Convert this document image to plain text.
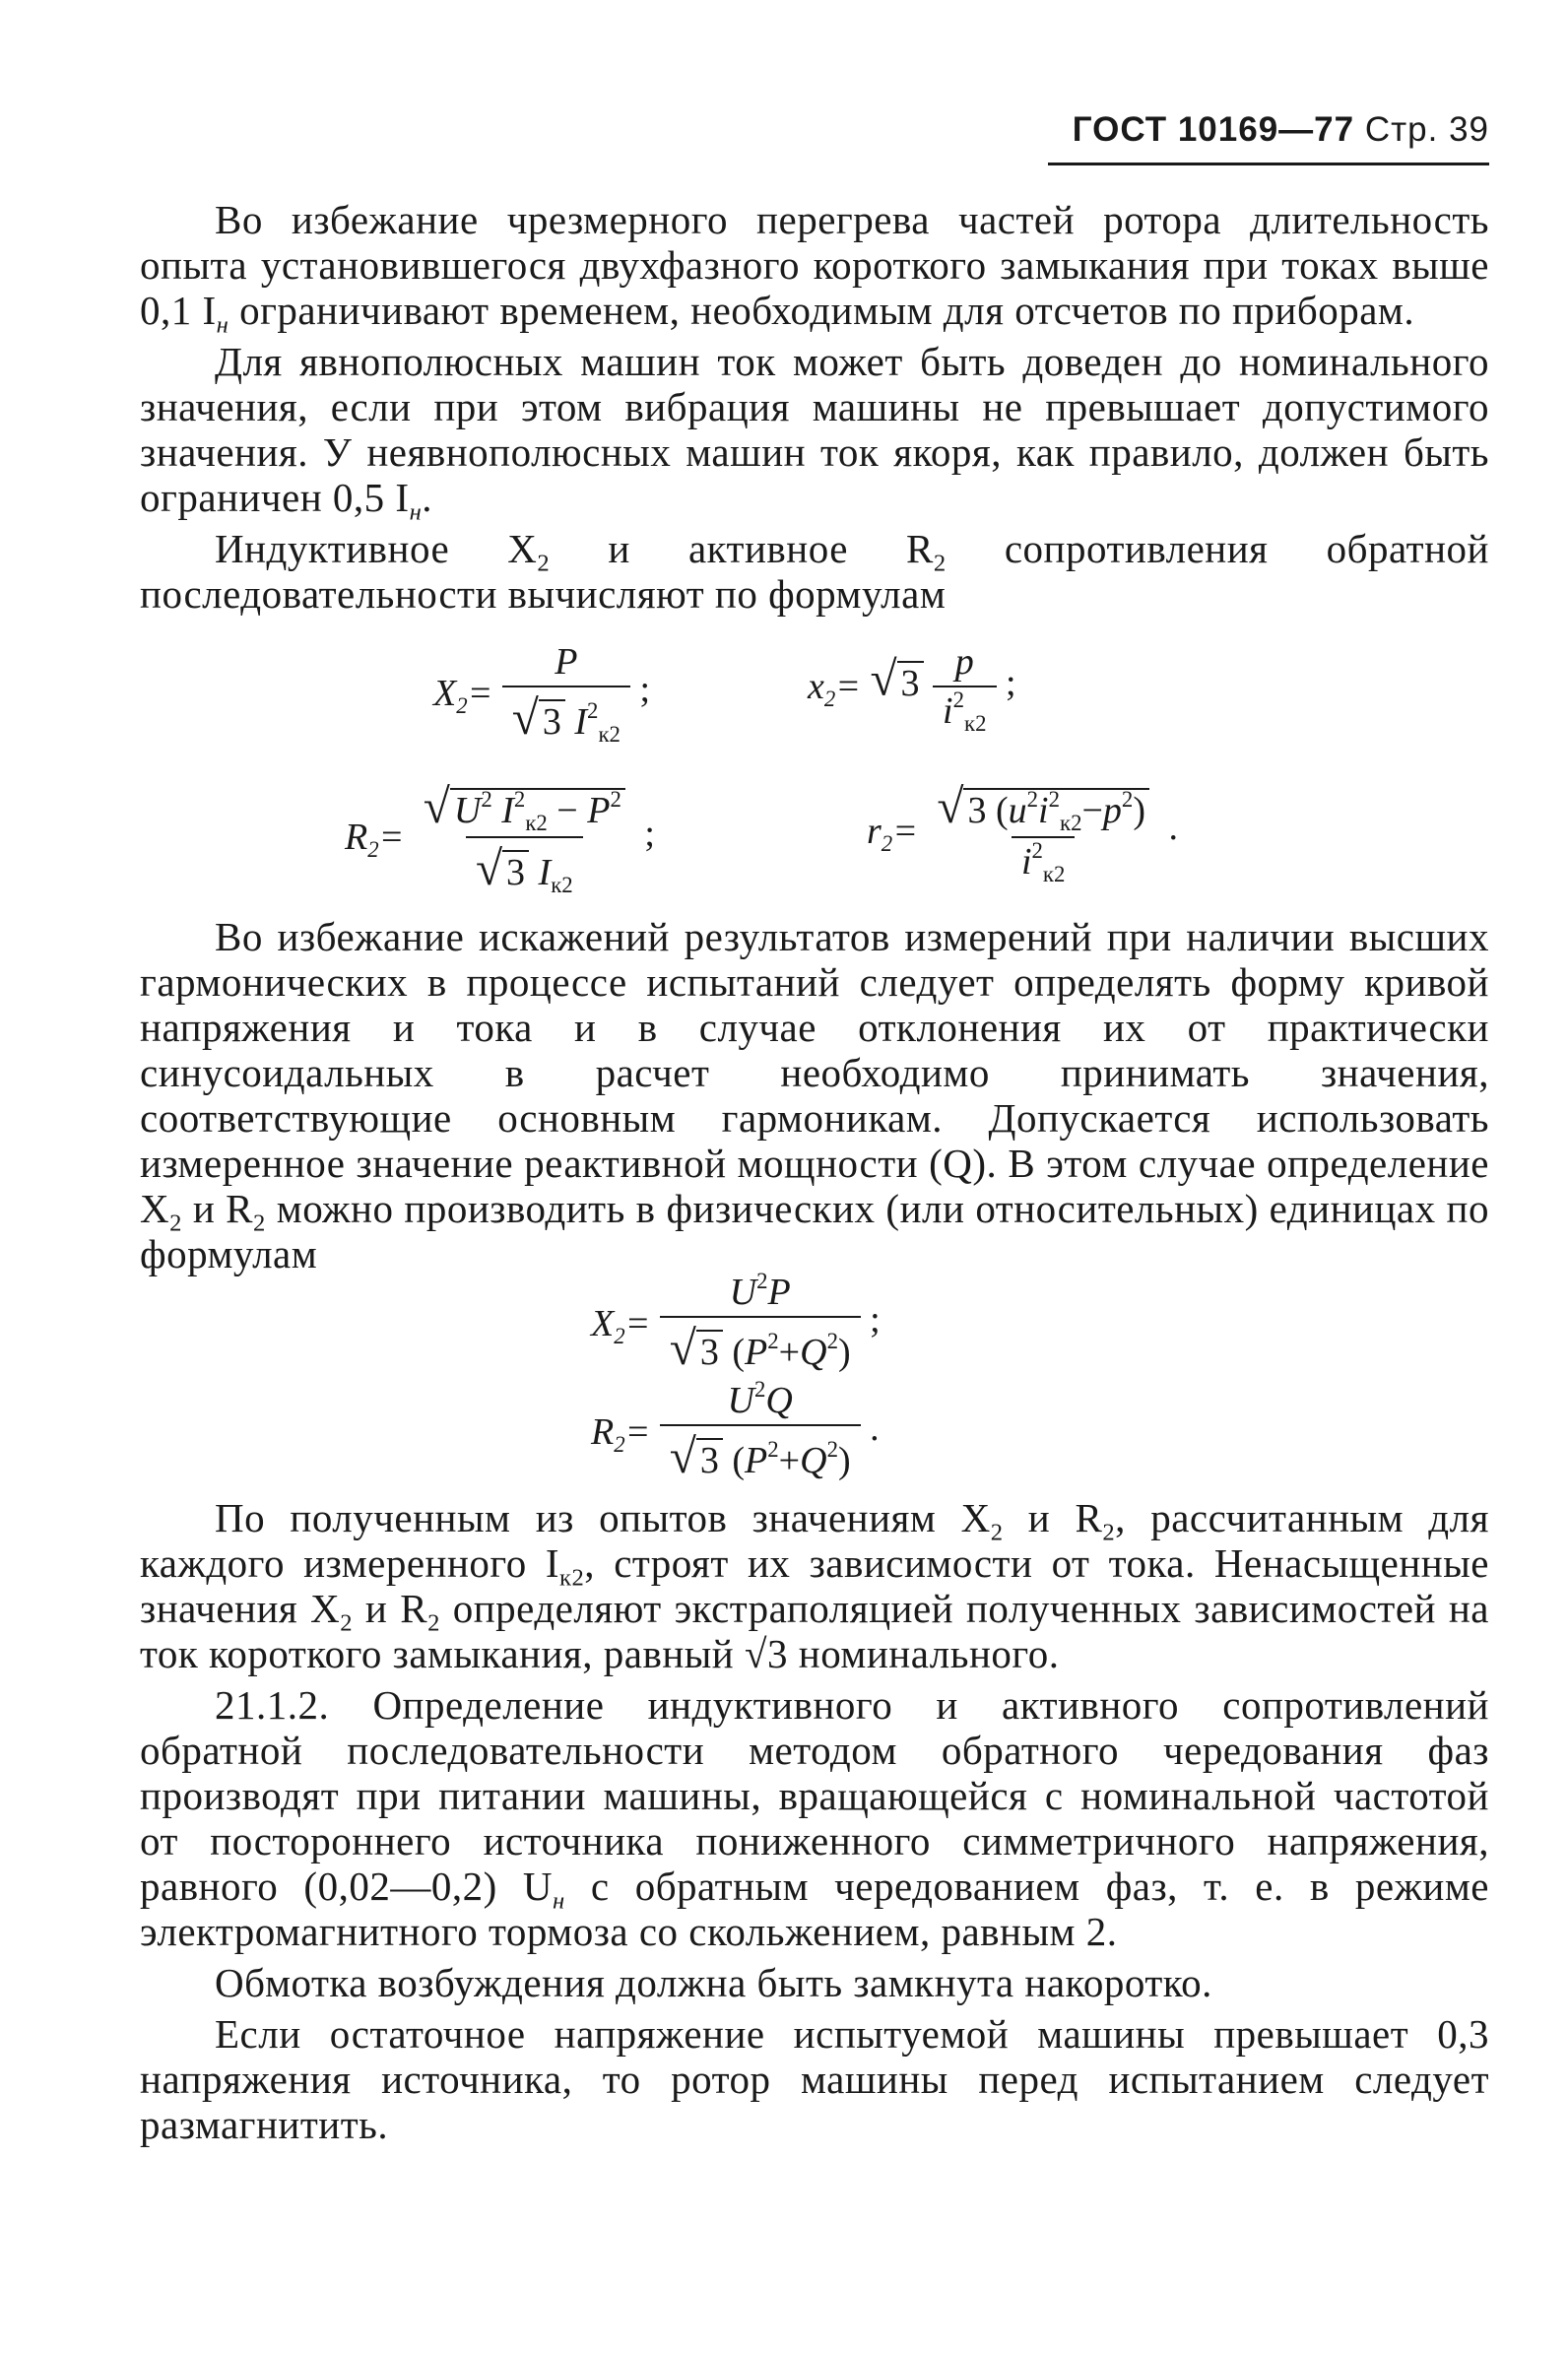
ГОСТ 10169—77 Стр. 39

Во избежание чрезмерного перегрева частей ротора длительность опыта установившегося двухфазного короткого замыкания при токах выше 0,1 $I_н$ ограничивают временем, необходимым для отсчетов по приборам.

Для явнополюсных машин ток может быть доведен до номинального значения, если при этом вибрация машины не превышает допустимого значения. У неявнополюсных машин ток якоря, как правило, должен быть ограничен 0,5 $I_н$.

Индуктивное $X_2$ и активное $R_2$ сопротивления обратной последовательности вычисляют по формулам

$X_2= \frac{P}{√ 3 I^2_{к2}}$ ;	$x_2=$ √ $3 \frac{p}{i^2_{к2}}$ ;
$R_2= \frac{√ U^2 I^2_{к2} - P^2}{√ 3 I_{к2}}$ ;	$r_2= \frac{√ 3 (u^2i^2_{к2}-p^2)}{i^2_{к2}}$ .

Во избежание искажений результатов измерений при наличии высших гармонических в процессе испытаний следует определять форму кривой напряжения и тока и в случае отклонения их от практически синусоидальных в расчет необходимо принимать значения, соответствующие основным гармоникам. Допускается использовать измеренное значение реактивной мощности (Q). В этом случае определение $X_2$ и $R_2$ можно производить в физических (или относительных) единицах по формулам

$X_2= \frac{U^2P}{√ 3 (P^2+Q^2)}$ ;
$R_2= \frac{U^2Q}{√ 3 (P^2+Q^2)}$ .

По полученным из опытов значениям $X_2$ и $R_2$, рассчитанным для каждого измеренного $I_{к2}$, строят их зависимости от тока. Ненасыщенные значения $X_2$ и $R_2$ определяют экстраполяцией полученных зависимостей на ток короткого замыкания, равный √3 номинального.

21.1.2. Определение индуктивного и активного сопротивлений обратной последовательности методом обратного чередования фаз производят при питании машины, вращающейся с номинальной частотой от постороннего источника пониженного симметричного напряжения, равного (0,02—0,2) $U_н$ с обратным чередованием фаз, т. е. в режиме электромагнитного тормоза со скольжением, равным 2.

Обмотка возбуждения должна быть замкнута накоротко.

Если остаточное напряжение испытуемой машины превышает 0,3 напряжения источника, то ротор машины перед испытанием следует размагнитить.
